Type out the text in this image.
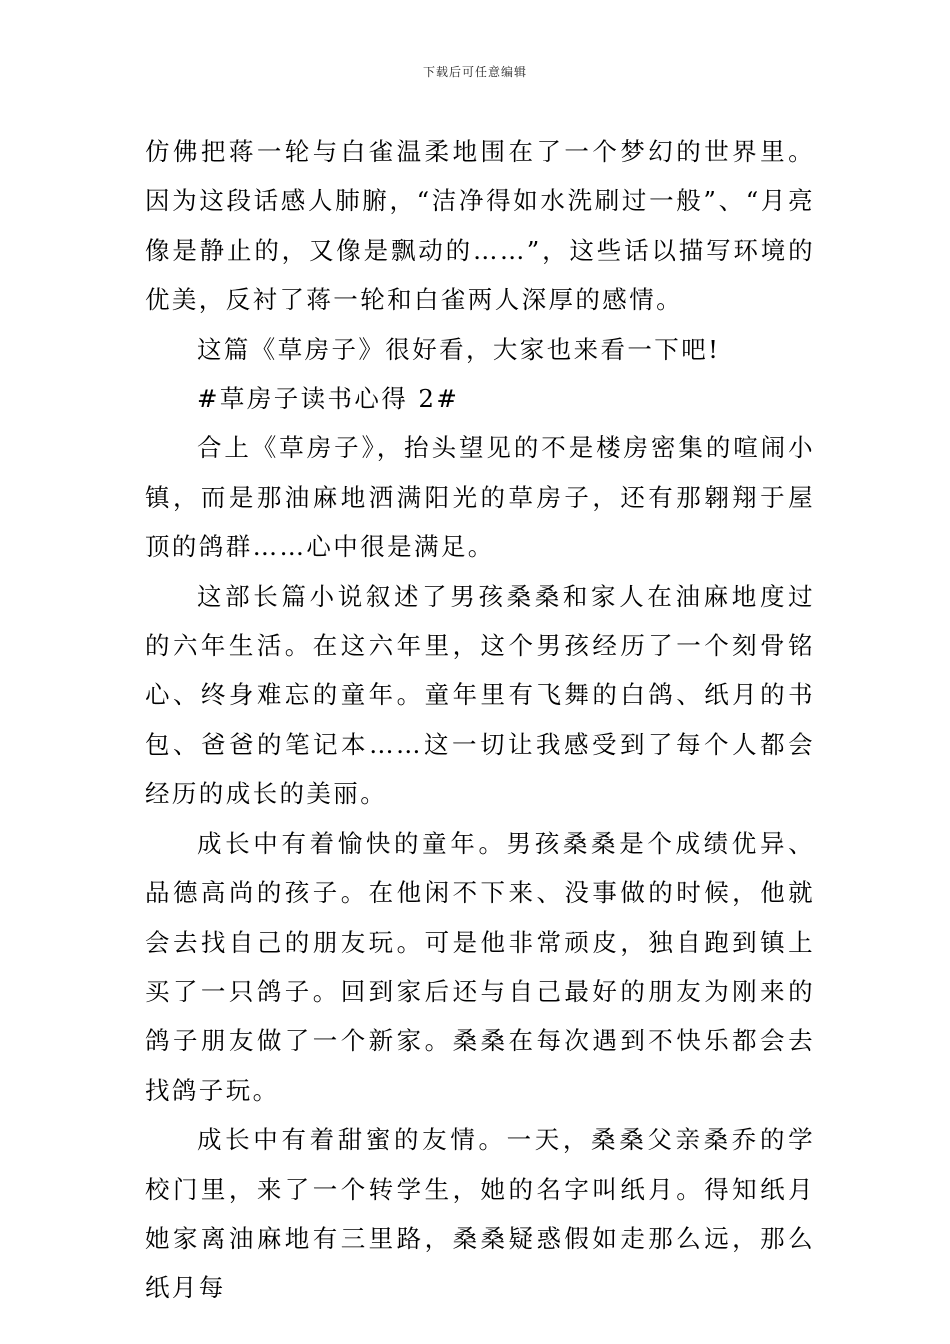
下载后可任意编辑

仿佛把蒋一轮与白雀温柔地围在了一个梦幻的世界里。因为这段话感人肺腑，“洁净得如水洗刷过一般”、“月亮像是静止的，又像是飘动的……”，这些话以描写环境的优美，反衬了蒋一轮和白雀两人深厚的感情。

这篇《草房子》很好看，大家也来看一下吧!

#草房子读书心得 2#

合上《草房子》，抬头望见的不是楼房密集的喧闹小镇，而是那油麻地洒满阳光的草房子，还有那翱翔于屋顶的鸽群……心中很是满足。

这部长篇小说叙述了男孩桑桑和家人在油麻地度过的六年生活。在这六年里，这个男孩经历了一个刻骨铭心、终身难忘的童年。童年里有飞舞的白鸽、纸月的书包、爸爸的笔记本……这一切让我感受到了每个人都会经历的成长的美丽。

成长中有着愉快的童年。男孩桑桑是个成绩优异、品德高尚的孩子。在他闲不下来、没事做的时候，他就会去找自己的朋友玩。可是他非常顽皮，独自跑到镇上买了一只鸽子。回到家后还与自己最好的朋友为刚来的鸽子朋友做了一个新家。桑桑在每次遇到不快乐都会去找鸽子玩。

成长中有着甜蜜的友情。一天，桑桑父亲桑乔的学校门里，来了一个转学生，她的名字叫纸月。得知纸月她家离油麻地有三里路，桑桑疑惑假如走那么远，那么纸月每
